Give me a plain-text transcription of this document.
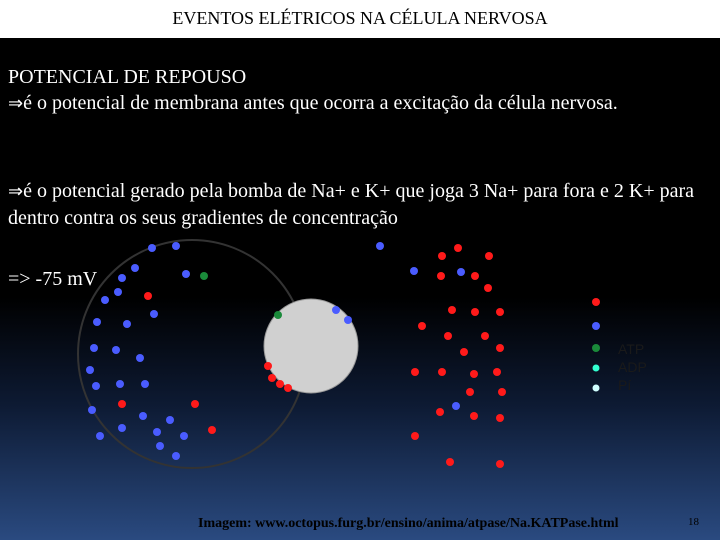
EVENTOS ELÉTRICOS NA CÉLULA NERVOSA
POTENCIAL DE REPOUSO
⇒é o potencial de membrana antes que ocorra a excitação da célula nervosa.
⇒é o potencial gerado pela bomba de Na+ e K+ que joga 3 Na+ para fora e 2 K+ para dentro contra os seus gradientes de concentração
=> -75 mV
ATP
ADP
Pí
Imagem: www.octopus.furg.br/ensino/anima/atpase/Na.KATPase.html	18
